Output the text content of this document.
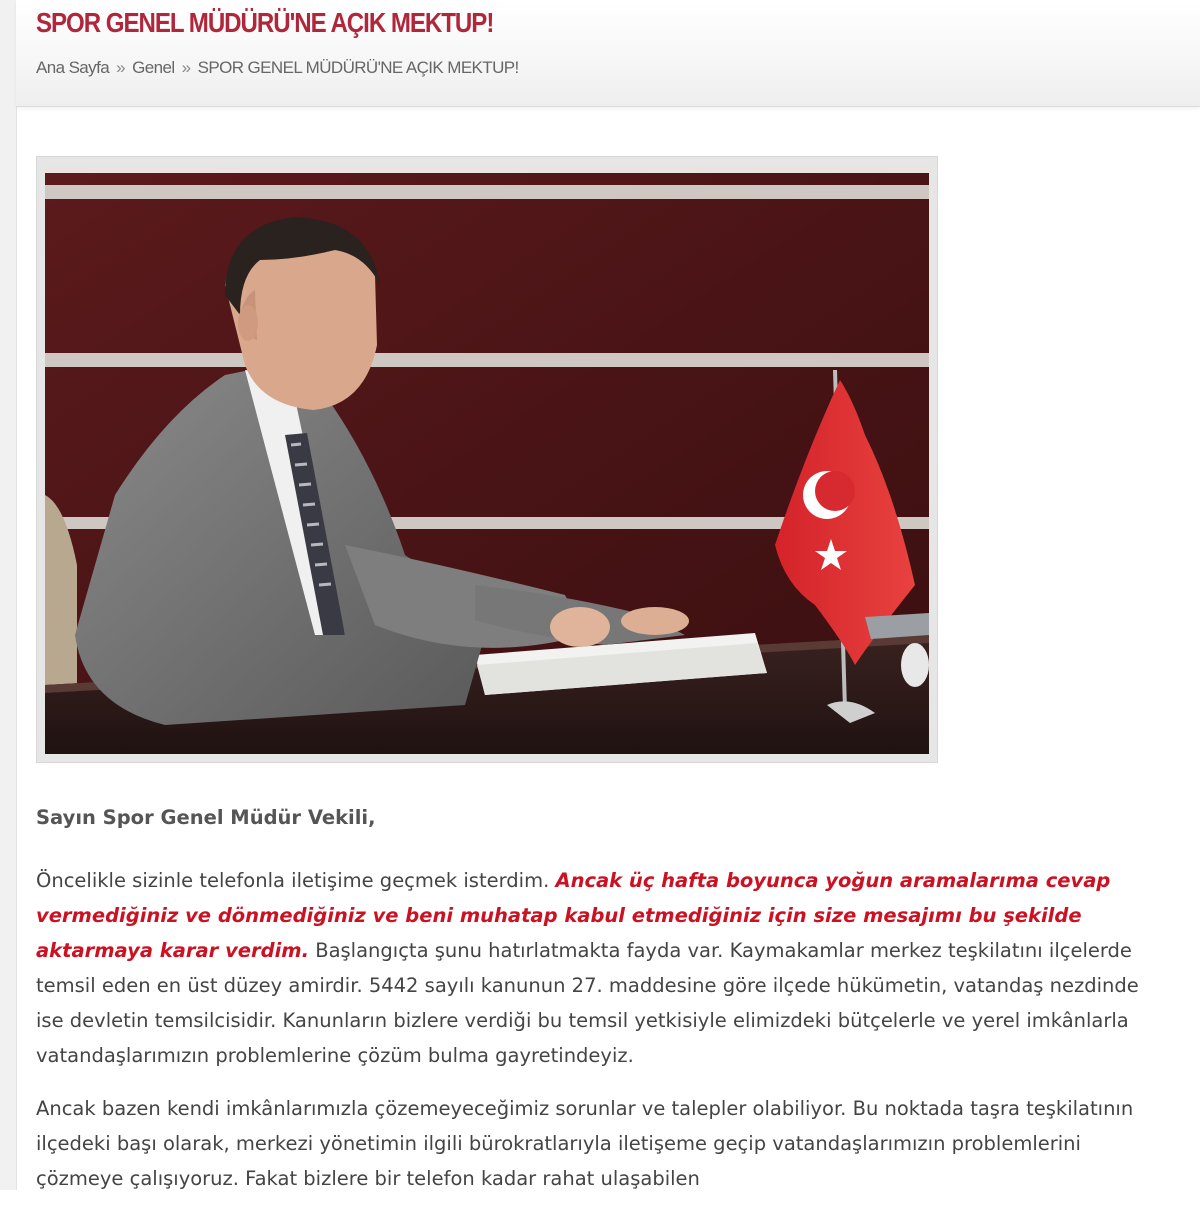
SPOR GENEL MÜDÜRÜ'NE AÇIK MEKTUP!
Ana Sayfa » Genel » SPOR GENEL MÜDÜRÜ'NE AÇIK MEKTUP!

Sayın Spor Genel Müdür Vekili,

Öncelikle sizinle telefonla iletişime geçmek isterdim. Ancak üç hafta boyunca yoğun aramalarıma cevap vermediğiniz ve dönmediğiniz ve beni muhatap kabul etmediğiniz için size mesajımı bu şekilde aktarmaya karar verdim. Başlangıçta şunu hatırlatmakta fayda var. Kaymakamlar merkez teşkilatını ilçelerde temsil eden en üst düzey amirdir. 5442 sayılı kanunun 27. maddesine göre ilçede hükümetin, vatandaş nezdinde ise devletin temsilcisidir. Kanunların bizlere verdiği bu temsil yetkisiyle elimizdeki bütçelerle ve yerel imkânlarla vatandaşlarımızın problemlerine çözüm bulma gayretindeyiz.

Ancak bazen kendi imkânlarımızla çözemeyeceğimiz sorunlar ve talepler olabiliyor. Bu noktada taşra teşkilatının ilçedeki başı olarak, merkezi yönetimin ilgili bürokratlarıyla iletişeme geçip vatandaşlarımızın problemlerini çözmeye çalışıyoruz. Fakat bizlere bir telefon kadar rahat ulaşabilen
